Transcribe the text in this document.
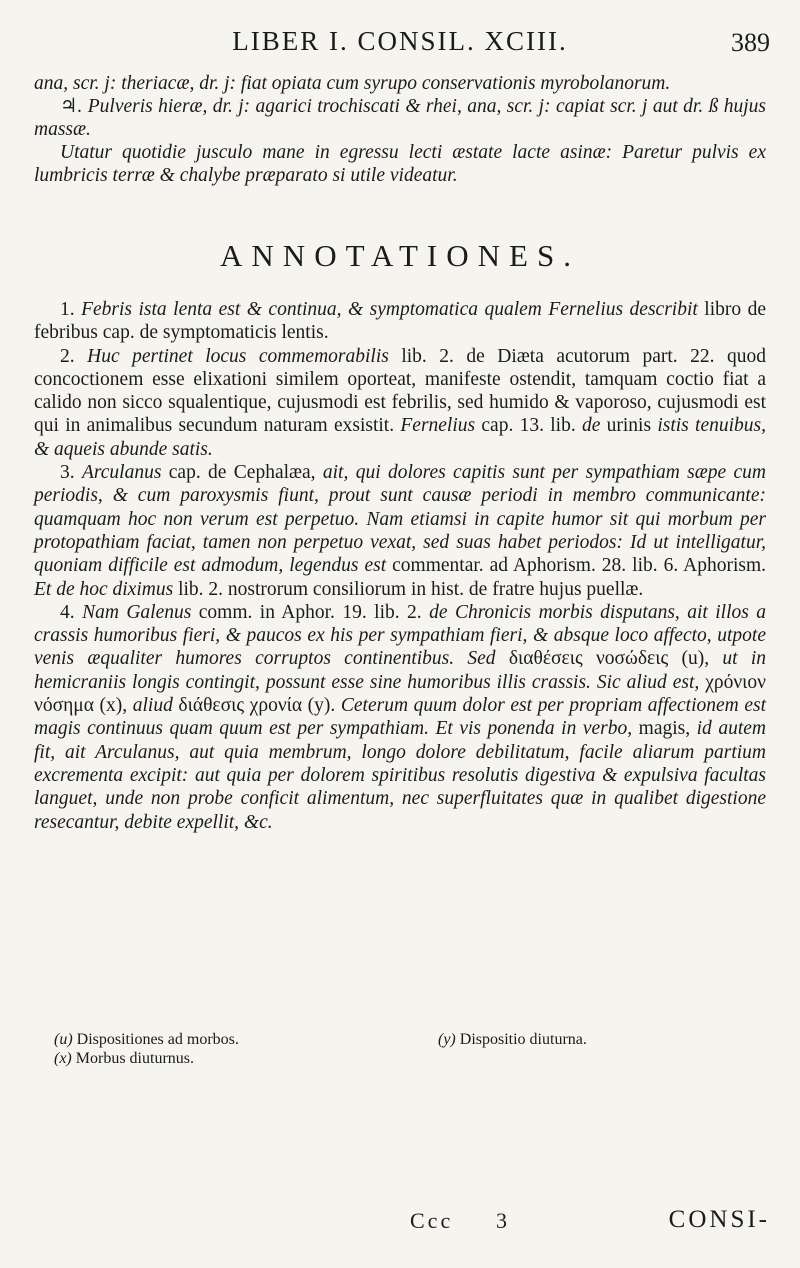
LIBER I. CONSIL. XCIII.	389

ana, scr. j: theriacæ, dr. j: fiat opiata cum syrupo conservationis myrobolanorum.

♃. Pulveris hieræ, dr. j: agarici trochiscati & rhei, ana, scr. j: capiat scr. j aut dr. ß hujus massæ.

Utatur quotidie jusculo mane in egressu lecti æstate lacte asinæ: Paretur pulvis ex lumbricis terræ & chalybe præparato si utile videatur.

ANNOTATIONES.

1. Febris ista lenta est & continua, & symptomatica qualem Fernelius describit libro de febribus cap. de symptomaticis lentis.

2. Huc pertinet locus commemorabilis lib. 2. de Diæta acutorum part. 22. quod concoctionem esse elixationi similem oporteat, manifeste ostendit, tamquam coctio fiat a calido non sicco squalentique, cujusmodi est febrilis, sed humido & vaporoso, cujusmodi est qui in animalibus secundum naturam exsistit. Fernelius cap. 13. lib. de urinis istis tenuibus, & aqueis abunde satis.

3. Arculanus cap. de Cephalæa, ait, qui dolores capitis sunt per sympathiam sæpe cum periodis, & cum paroxysmis fiunt, prout sunt causæ periodi in membro communicante: quamquam hoc non verum est perpetuo. Nam etiamsi in capite humor sit qui morbum per protopathiam faciat, tamen non perpetuo vexat, sed suas habet periodos: Id ut intelligatur, quoniam difficile est admodum, legendus est commentar. ad Aphorism. 28. lib. 6. Aphorism. Et de hoc diximus lib. 2. nostrorum consiliorum in hist. de fratre hujus puellæ.

4. Nam Galenus comm. in Aphor. 19. lib. 2. de Chronicis morbis disputans, ait illos a crassis humoribus fieri, & paucos ex his per sympathiam fieri, & absque loco affecto, utpote venis æqualiter humores corruptos continentibus. Sed διαθέσεις νοσώδεις (u), ut in hemicraniis longis contingit, possunt esse sine humoribus illis crassis. Sic aliud est, χρόνιον νόσημα (x), aliud διάθεσις χρονία (y). Ceterum quum dolor est per propriam affectionem est magis continuus quam quum est per sympathiam. Et vis ponenda in verbo, magis, id autem fit, ait Arculanus, aut quia membrum, longo dolore debilitatum, facile aliarum partium excrementa excipit: aut quia per dolorem spiritibus resolutis digestiva & expulsiva facultas languet, unde non probe conficit alimentum, nec superfluitates quæ in qualibet digestione resecantur, debite expellit, &c.

(u) Dispositiones ad morbos.
(x) Morbus diuturnus.
(y) Dispositio diuturna.
Ccc 3	CONSI-
